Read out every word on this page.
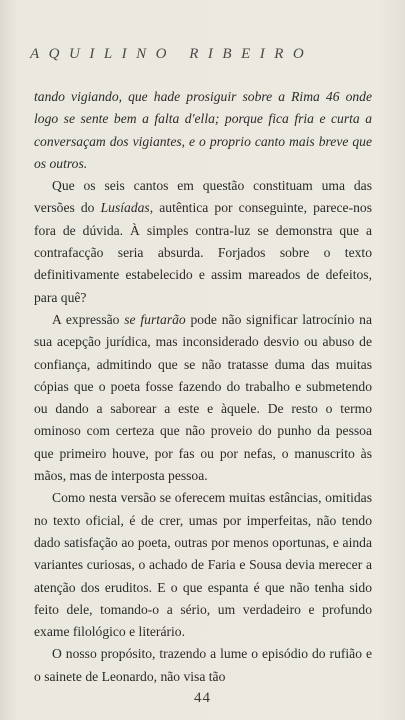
AQUILINO RIBEIRO

tando vigiando, que hade prosiguir sobre a Rima 46 onde logo se sente bem a falta d'ella; porque fica fria e curta a conversaçam dos vigiantes, e o proprio canto mais breve que os outros.

Que os seis cantos em questão constituam uma das versões do Lusíadas, autêntica por conseguinte, parece-nos fora de dúvida. À simples contra-luz se demonstra que a contrafacção seria absurda. Forjados sobre o texto definitivamente estabelecido e assim mareados de defeitos, para quê?

A expressão se furtarão pode não significar latrocínio na sua acepção jurídica, mas inconsiderado desvio ou abuso de confiança, admitindo que se não tratasse duma das muitas cópias que o poeta fosse fazendo do trabalho e submetendo ou dando a saborear a este e àquele. De resto o termo ominoso com certeza que não proveio do punho da pessoa que primeiro houve, por fas ou por nefas, o manuscrito às mãos, mas de interposta pessoa.

Como nesta versão se oferecem muitas estâncias, omitidas no texto oficial, é de crer, umas por imperfeitas, não tendo dado satisfação ao poeta, outras por menos oportunas, e ainda variantes curiosas, o achado de Faria e Sousa devia merecer a atenção dos eruditos. E o que espanta é que não tenha sido feito dele, tomando-o a sério, um verdadeiro e profundo exame filológico e literário.

O nosso propósito, trazendo a lume o episódio do rufião e o sainete de Leonardo, não visa tão

44
